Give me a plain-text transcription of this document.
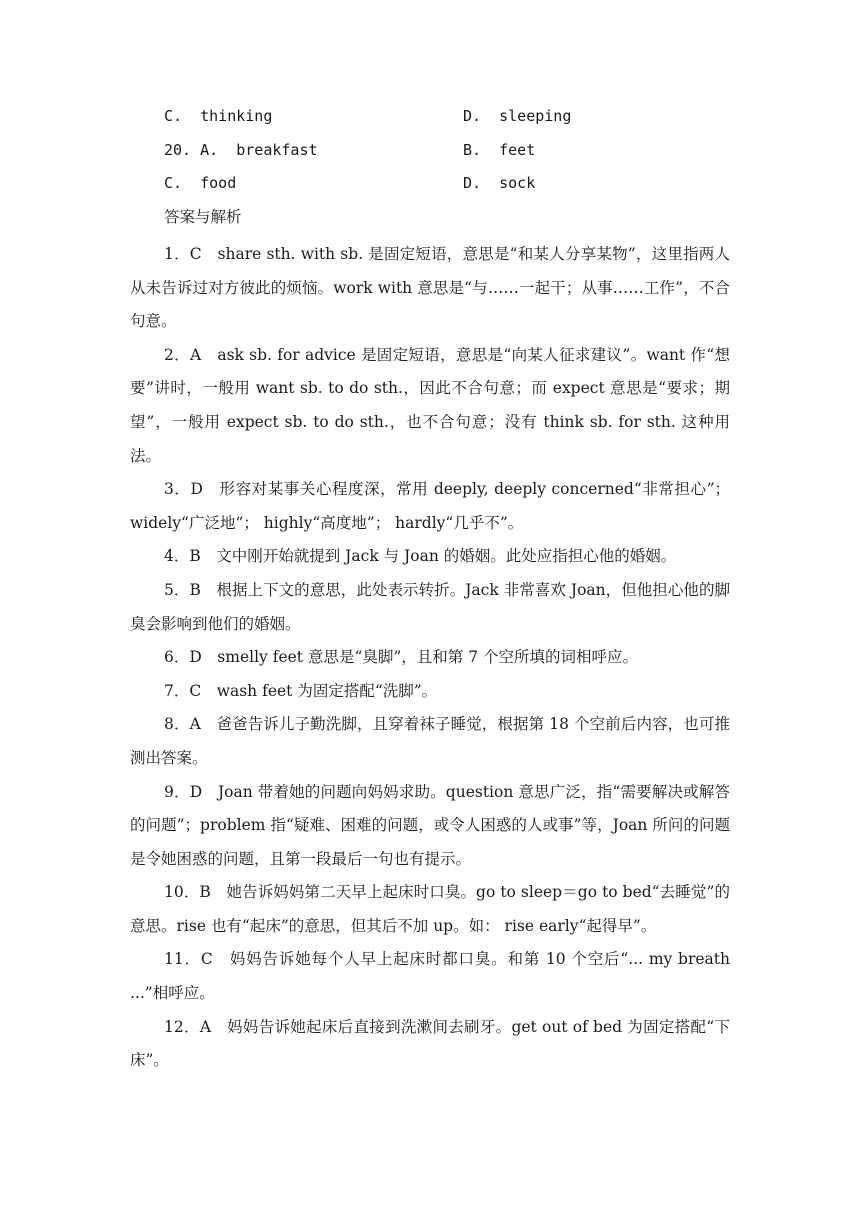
C.  thinking	D.  sleeping
20. A.  breakfast	B.  feet
C.  food	D.  sock
答案与解析

1．C　share sth. with sb. 是固定短语，意思是“和某人分享某物”，这里指两人从未告诉过对方彼此的烦恼。work with 意思是“与……一起干；从事……工作”，不合句意。

2．A　ask sb. for advice 是固定短语，意思是“向某人征求建议”。want 作“想要”讲时，一般用 want sb. to do sth.，因此不合句意；而 expect 意思是“要求；期望”，一般用 expect sb. to do sth.，也不合句意；没有 think sb. for sth. 这种用法。

3．D　形容对某事关心程度深，常用 deeply, deeply concerned“非常担心”； widely“广泛地”； highly“高度地”； hardly“几乎不”。

4．B　文中刚开始就提到 Jack 与 Joan 的婚姻。此处应指担心他的婚姻。

5．B　根据上下文的意思，此处表示转折。Jack 非常喜欢 Joan，但他担心他的脚臭会影响到他们的婚姻。

6．D　smelly feet 意思是“臭脚”，且和第 7 个空所填的词相呼应。

7．C　wash feet 为固定搭配“洗脚”。

8．A　爸爸告诉儿子勤洗脚，且穿着袜子睡觉，根据第 18 个空前后内容，也可推测出答案。

9．D　Joan 带着她的问题向妈妈求助。question 意思广泛，指“需要解决或解答的问题”；problem 指“疑难、困难的问题，或令人困惑的人或事”等，Joan 所问的问题是令她困惑的问题，且第一段最后一句也有提示。

10．B　她告诉妈妈第二天早上起床时口臭。go to sleep＝go to bed“去睡觉”的意思。rise 也有“起床”的意思，但其后不加 up。如： rise early“起得早”。

11．C　妈妈告诉她每个人早上起床时都口臭。和第 10 个空后“... my breath ...”相呼应。

12．A　妈妈告诉她起床后直接到洗漱间去刷牙。get out of bed 为固定搭配“下床”。
